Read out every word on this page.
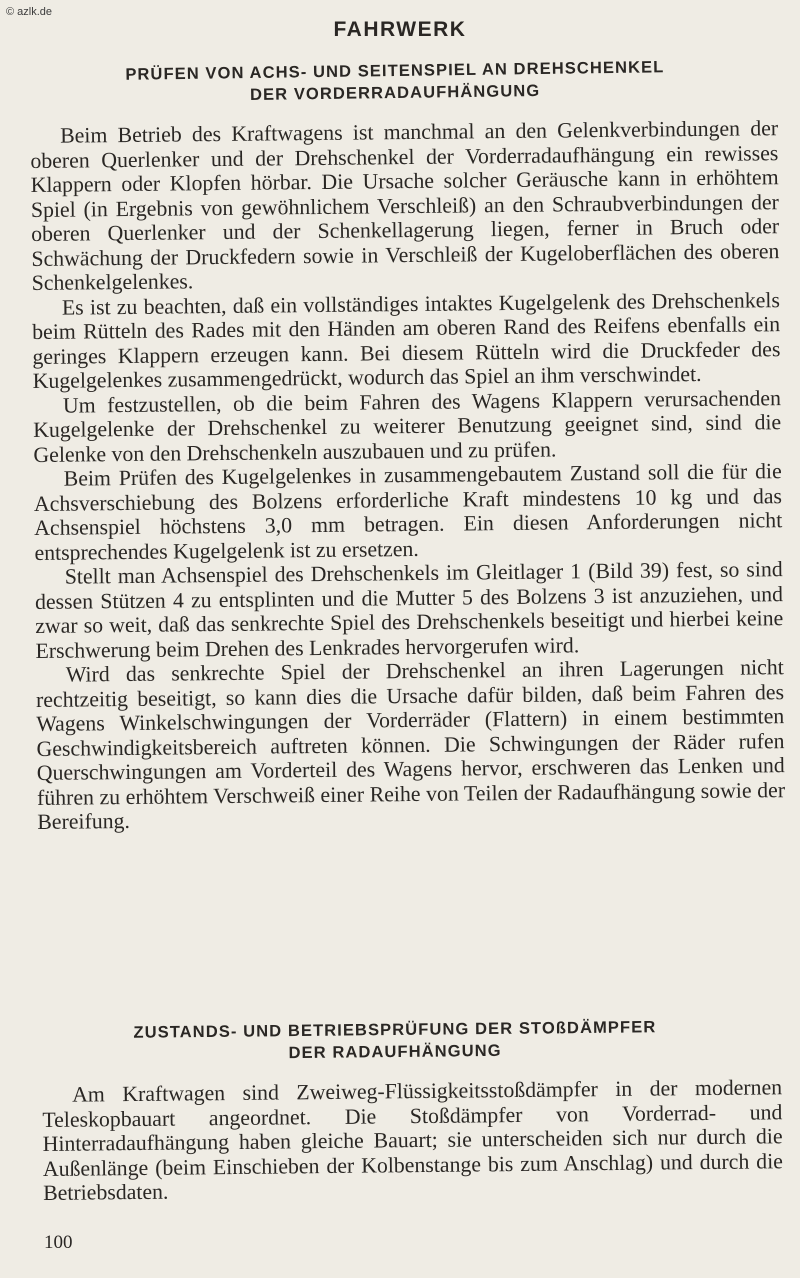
© azlk.de
FAHRWERK
PRÜFEN VON ACHS- UND SEITENSPIEL AN DREHSCHENKEL
DER VORDERRADAUFHÄNGUNG

Beim Betrieb des Kraftwagens ist manchmal an den Gelenkverbindungen der oberen Querlenker und der Drehschenkel der Vorderradaufhängung ein rewisses Klappern oder Klopfen hörbar. Die Ursache solcher Geräusche kann in erhöhtem Spiel (in Ergebnis von gewöhnlichem Verschleiß) an den Schraubverbindungen der oberen Querlenker und der Schenkellagerung liegen, ferner in Bruch oder Schwächung der Druckfedern sowie in Verschleiß der Kugeloberflächen des oberen Schenkelgelenkes.

Es ist zu beachten, daß ein vollständiges intaktes Kugelgelenk des Drehschenkels beim Rütteln des Rades mit den Händen am oberen Rand des Reifens ebenfalls ein geringes Klappern erzeugen kann. Bei diesem Rütteln wird die Druckfeder des Kugelgelenkes zusammengedrückt, wodurch das Spiel an ihm verschwindet.

Um festzustellen, ob die beim Fahren des Wagens Klappern verursachenden Kugelgelenke der Drehschenkel zu weiterer Benutzung geeignet sind, sind die Gelenke von den Drehschenkeln auszubauen und zu prüfen.

Beim Prüfen des Kugelgelenkes in zusammengebautem Zustand soll die für die Achsverschiebung des Bolzens erforderliche Kraft mindestens 10 kg und das Achsenspiel höchstens 3,0 mm betragen. Ein diesen Anforderungen nicht entsprechendes Kugelgelenk ist zu ersetzen.

Stellt man Achsenspiel des Drehschenkels im Gleitlager 1 (Bild 39) fest, so sind dessen Stützen 4 zu entsplinten und die Mutter 5 des Bolzens 3 ist anzuziehen, und zwar so weit, daß das senkrechte Spiel des Drehschenkels beseitigt und hierbei keine Erschwerung beim Drehen des Lenkrades hervorgerufen wird.

Wird das senkrechte Spiel der Drehschenkel an ihren Lagerungen nicht rechtzeitig beseitigt, so kann dies die Ursache dafür bilden, daß beim Fahren des Wagens Winkelschwingungen der Vorderräder (Flattern) in einem bestimmten Geschwindigkeitsbereich auftreten können. Die Schwingungen der Räder rufen Querschwingungen am Vorderteil des Wagens hervor, erschweren das Lenken und führen zu erhöhtem Verschweiß einer Reihe von Teilen der Radaufhängung sowie der Bereifung.

ZUSTANDS- UND BETRIEBSPRÜFUNG DER STOßDÄMPFER
DER RADAUFHÄNGUNG

Am Kraftwagen sind Zweiweg-Flüssigkeitsstoßdämpfer in der modernen Teleskopbauart angeordnet. Die Stoßdämpfer von Vorderrad- und Hinterradaufhängung haben gleiche Bauart; sie unterscheiden sich nur durch die Außenlänge (beim Einschieben der Kolbenstange bis zum Anschlag) und durch die Betriebsdaten.

100
